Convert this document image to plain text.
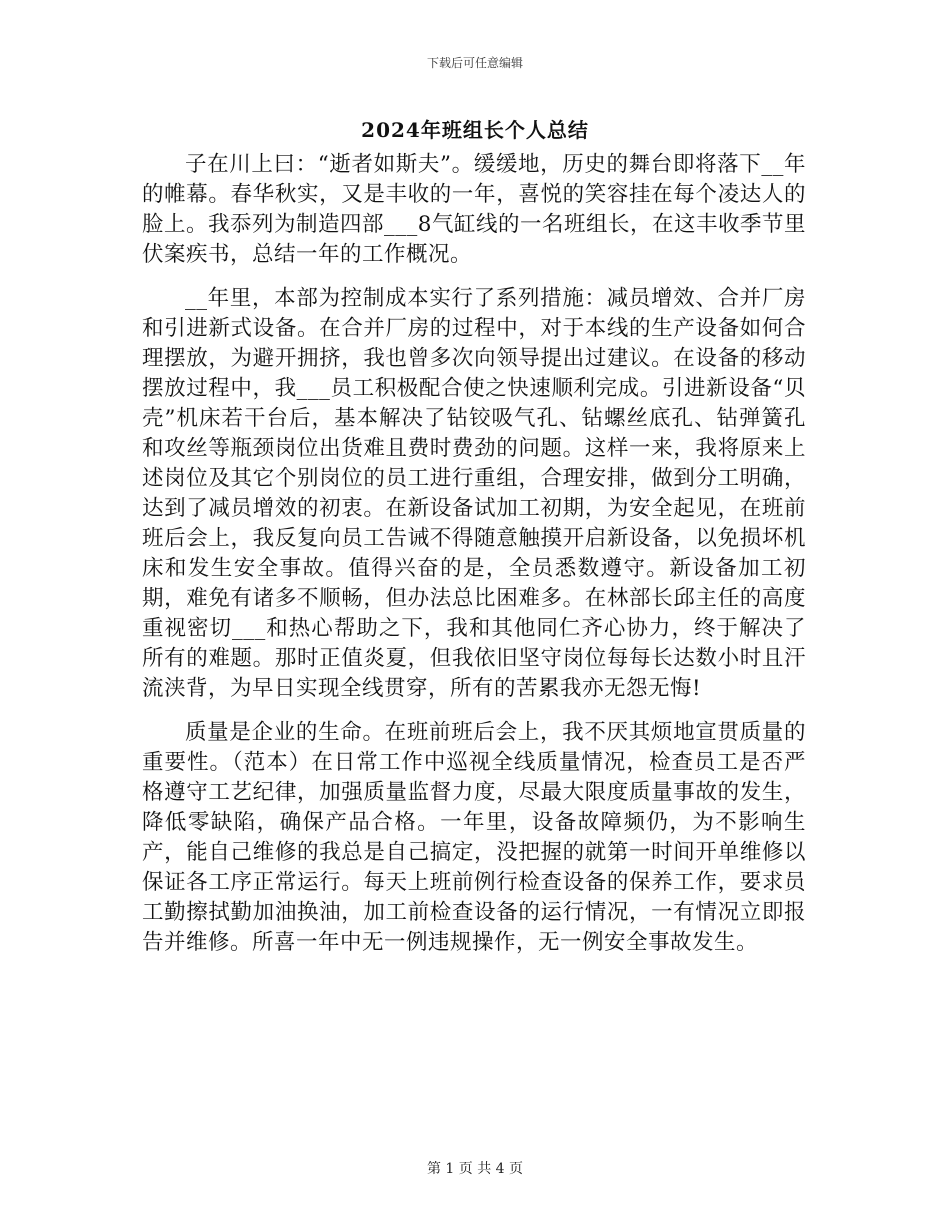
下载后可任意编辑
2024年班组长个人总结

子在川上曰：“逝者如斯夫”。缓缓地，历史的舞台即将落下__年的帷幕。春华秋实，又是丰收的一年，喜悦的笑容挂在每个凌达人的脸上。我忝列为制造四部___8气缸线的一名班组长，在这丰收季节里伏案疾书，总结一年的工作概况。

__年里，本部为控制成本实行了系列措施：减员增效、合并厂房和引进新式设备。在合并厂房的过程中，对于本线的生产设备如何合理摆放，为避开拥挤，我也曾多次向领导提出过建议。在设备的移动摆放过程中，我___员工积极配合使之快速顺利完成。引进新设备“贝壳”机床若干台后，基本解决了钻铰吸气孔、钻螺丝底孔、钻弹簧孔和攻丝等瓶颈岗位出货难且费时费劲的问题。这样一来，我将原来上述岗位及其它个别岗位的员工进行重组，合理安排，做到分工明确，达到了减员增效的初衷。在新设备试加工初期，为安全起见，在班前班后会上，我反复向员工告诫不得随意触摸开启新设备，以免损坏机床和发生安全事故。值得兴奋的是，全员悉数遵守。新设备加工初期，难免有诸多不顺畅，但办法总比困难多。在林部长邱主任的高度重视密切___和热心帮助之下，我和其他同仁齐心协力，终于解决了所有的难题。那时正值炎夏，但我依旧坚守岗位每每长达数小时且汗流浃背，为早日实现全线贯穿，所有的苦累我亦无怨无悔!

质量是企业的生命。在班前班后会上，我不厌其烦地宣贯质量的重要性。（范本）在日常工作中巡视全线质量情况，检查员工是否严格遵守工艺纪律，加强质量监督力度，尽最大限度质量事故的发生，降低零缺陷，确保产品合格。一年里，设备故障频仍，为不影响生产，能自己维修的我总是自己搞定，没把握的就第一时间开单维修以保证各工序正常运行。每天上班前例行检查设备的保养工作，要求员工勤擦拭勤加油换油，加工前检查设备的运行情况，一有情况立即报告并维修。所喜一年中无一例违规操作，无一例安全事故发生。

第 1 页 共 4 页
